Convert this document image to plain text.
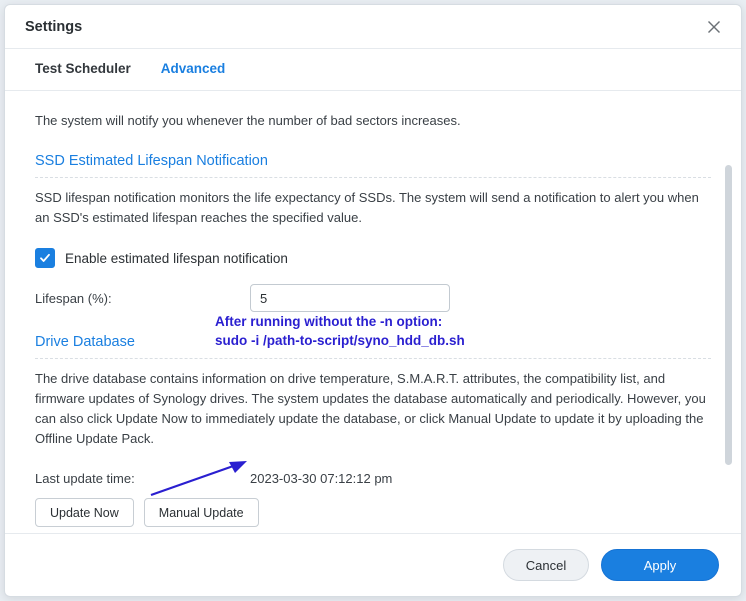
Settings
Test Scheduler Advanced
The system will notify you whenever the number of bad sectors increases.
SSD Estimated Lifespan Notification
SSD lifespan notification monitors the life expectancy of SSDs. The system will send a notification to alert you when an SSD's estimated lifespan reaches the specified value.
Enable estimated lifespan notification
Lifespan (%):
5
Drive Database
The drive database contains information on drive temperature, S.M.A.R.T. attributes, the compatibility list, and firmware updates of Synology drives. The system updates the database automatically and periodically. However, you can also click Update Now to immediately update the database, or click Manual Update to update it by uploading the Offline Update Pack.
Last update time:	2023-03-30 07:12:12 pm
Update Now	Manual Update
Cancel	Apply
After running without the -n option:
sudo -i /path-to-script/syno_hdd_db.sh
